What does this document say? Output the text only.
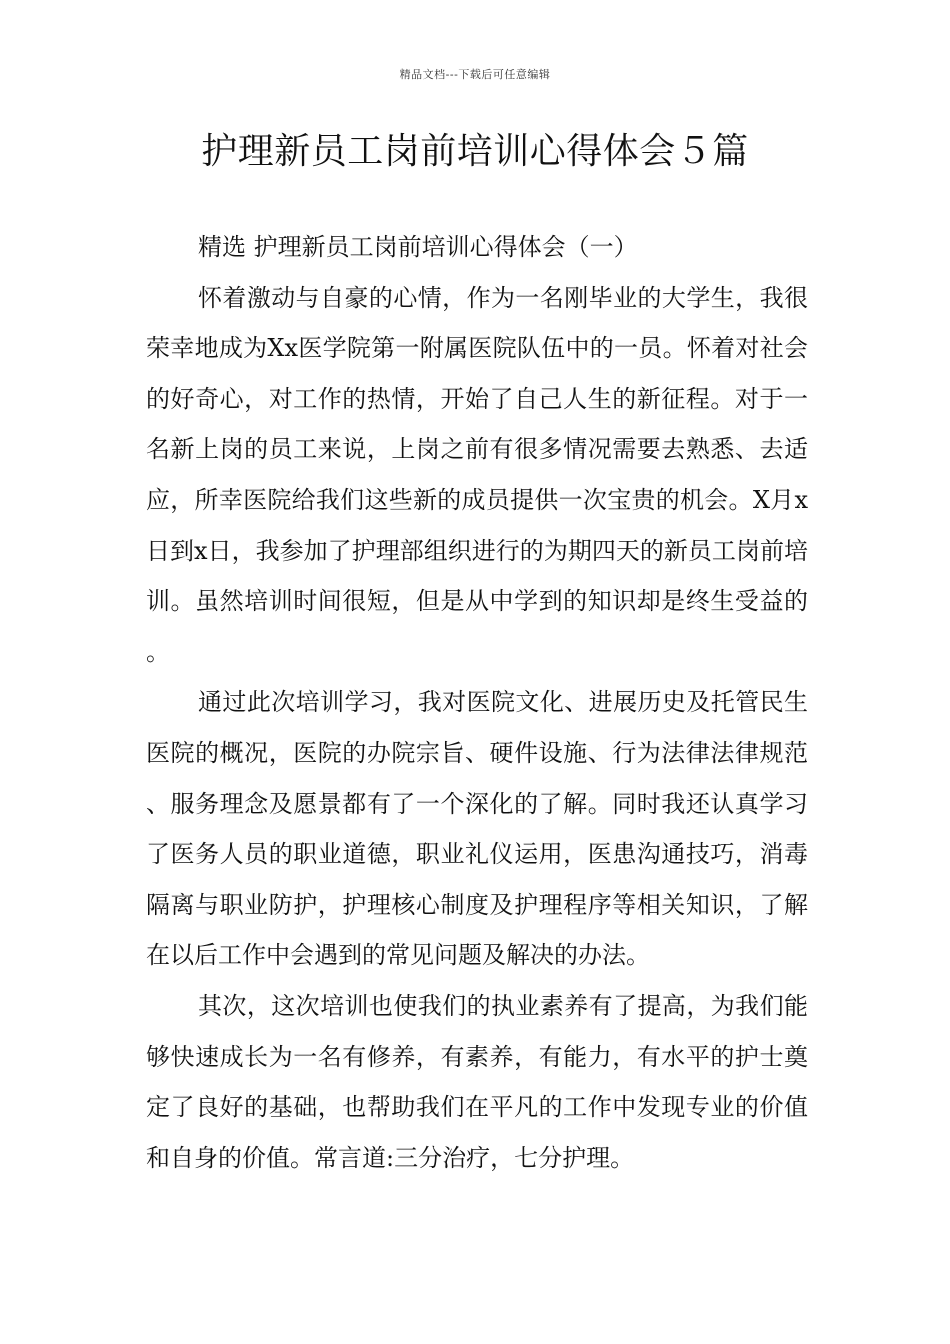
精品文档---下载后可任意编辑
护理新员工岗前培训心得体会５篇
精选 护理新员工岗前培训心得体会（一）

怀着激动与自豪的心情，作为一名刚毕业的大学生，我很荣幸地成为Xx医学院第一附属医院队伍中的一员。怀着对社会的好奇心，对工作的热情，开始了自己人生的新征程。对于一名新上岗的员工来说，上岗之前有很多情况需要去熟悉、去适应，所幸医院给我们这些新的成员提供一次宝贵的机会。X月x日到x日，我参加了护理部组织进行的为期四天的新员工岗前培训。虽然培训时间很短，但是从中学到的知识却是终生受益的。

通过此次培训学习，我对医院文化、进展历史及托管民生医院的概况，医院的办院宗旨、硬件设施、行为法律法律规范、服务理念及愿景都有了一个深化的了解。同时我还认真学习了医务人员的职业道德，职业礼仪运用，医患沟通技巧，消毒隔离与职业防护，护理核心制度及护理程序等相关知识，了解在以后工作中会遇到的常见问题及解决的办法。

其次，这次培训也使我们的执业素养有了提高，为我们能够快速成长为一名有修养，有素养，有能力，有水平的护士奠定了良好的基础，也帮助我们在平凡的工作中发现专业的价值和自身的价值。常言道:三分治疗，七分护理。
